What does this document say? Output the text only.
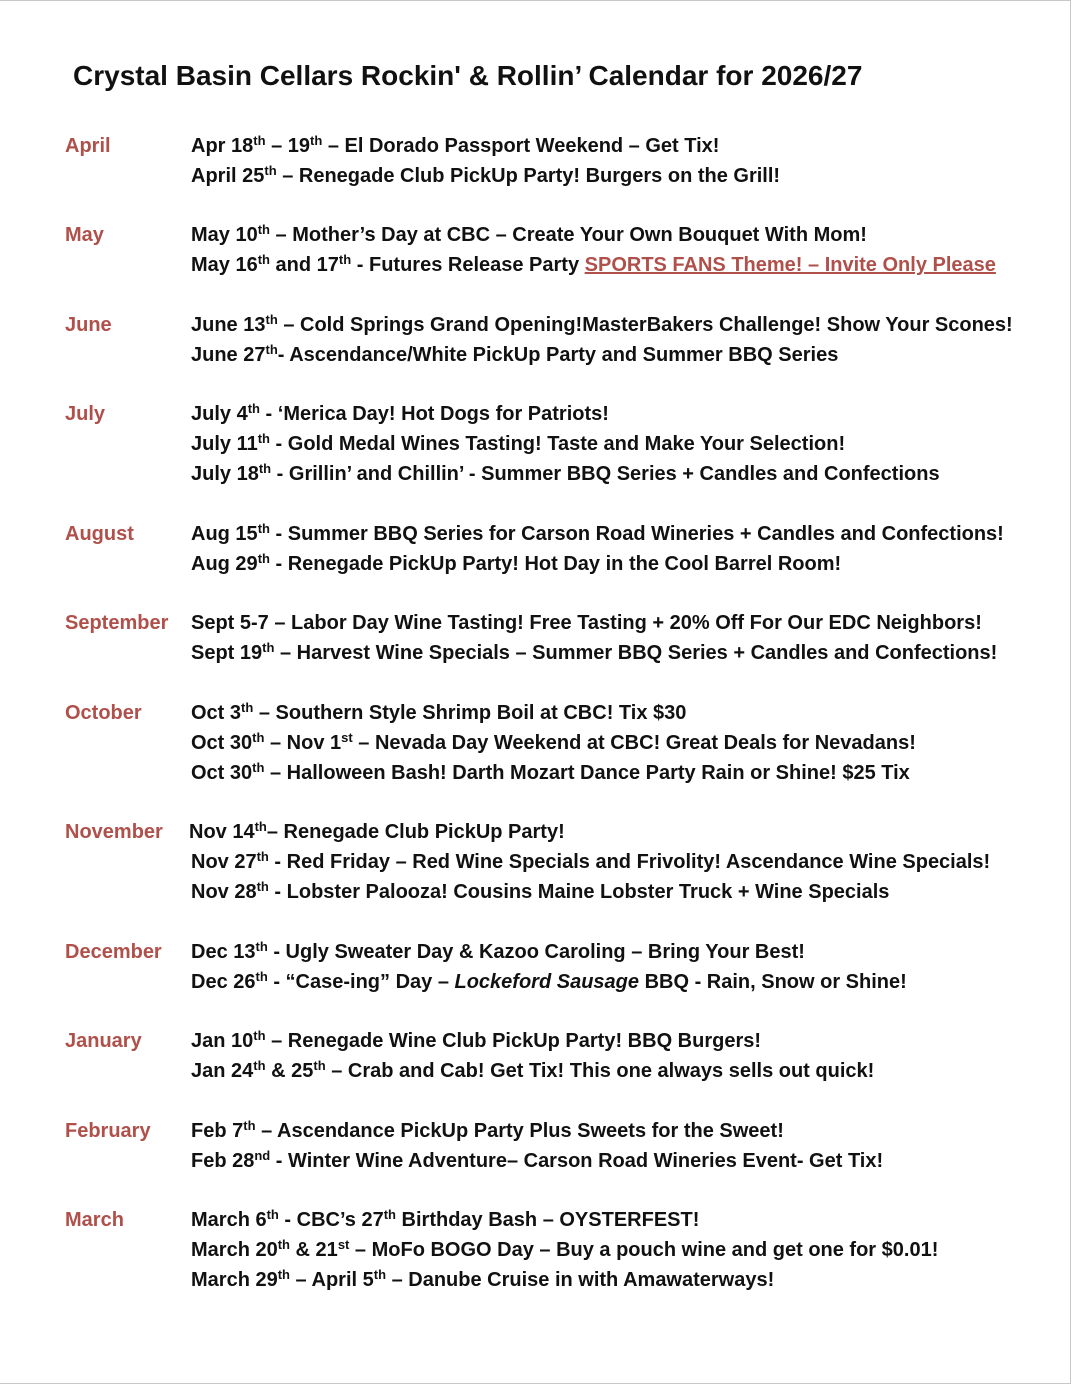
Crystal Basin Cellars Rockin' & Rollin’ Calendar for 2026/27
April	Apr 18th – 19th – El Dorado Passport Weekend – Get Tix!
April 25th – Renegade Club PickUp Party! Burgers on the Grill!
May	May 10th – Mother’s Day at CBC – Create Your Own Bouquet With Mom!
May 16th and 17th - Futures Release Party SPORTS FANS Theme! – Invite Only Please
June	June 13th – Cold Springs Grand Opening!MasterBakers Challenge! Show Your Scones!
June 27th- Ascendance/White PickUp Party and Summer BBQ Series
July	July 4th - ‘Merica Day! Hot Dogs for Patriots!
July 11th - Gold Medal Wines Tasting! Taste and Make Your Selection!
July 18th - Grillin’ and Chillin’ - Summer BBQ Series + Candles and Confections
August	Aug 15th - Summer BBQ Series for Carson Road Wineries + Candles and Confections!
Aug 29th - Renegade PickUp Party! Hot Day in the Cool Barrel Room!
September Sept 5-7 – Labor Day Wine Tasting! Free Tasting + 20% Off For Our EDC Neighbors!
Sept 19th – Harvest Wine Specials – Summer BBQ Series + Candles and Confections!
October Oct 3th – Southern Style Shrimp Boil at CBC! Tix $30
Oct 30th – Nov 1st – Nevada Day Weekend at CBC! Great Deals for Nevadans!
Oct 30th – Halloween Bash! Darth Mozart Dance Party Rain or Shine! $25 Tix
November Nov 14th– Renegade Club PickUp Party!
Nov 27th - Red Friday – Red Wine Specials and Frivolity! Ascendance Wine Specials!
Nov 28th - Lobster Palooza! Cousins Maine Lobster Truck + Wine Specials
December Dec 13th - Ugly Sweater Day & Kazoo Caroling – Bring Your Best!
Dec 26th - “Case-ing” Day – Lockeford Sausage BBQ - Rain, Snow or Shine!
January Jan 10th – Renegade Wine Club PickUp Party! BBQ Burgers!
Jan 24th & 25th – Crab and Cab! Get Tix! This one always sells out quick!
February Feb 7th – Ascendance PickUp Party Plus Sweets for the Sweet!
Feb 28nd - Winter Wine Adventure– Carson Road Wineries Event- Get Tix!
March	March 6th - CBC’s 27th Birthday Bash – OYSTERFEST!
March 20th & 21st – MoFo BOGO Day – Buy a pouch wine and get one for $0.01!
March 29th – April 5th – Danube Cruise in with Amawaterways!
